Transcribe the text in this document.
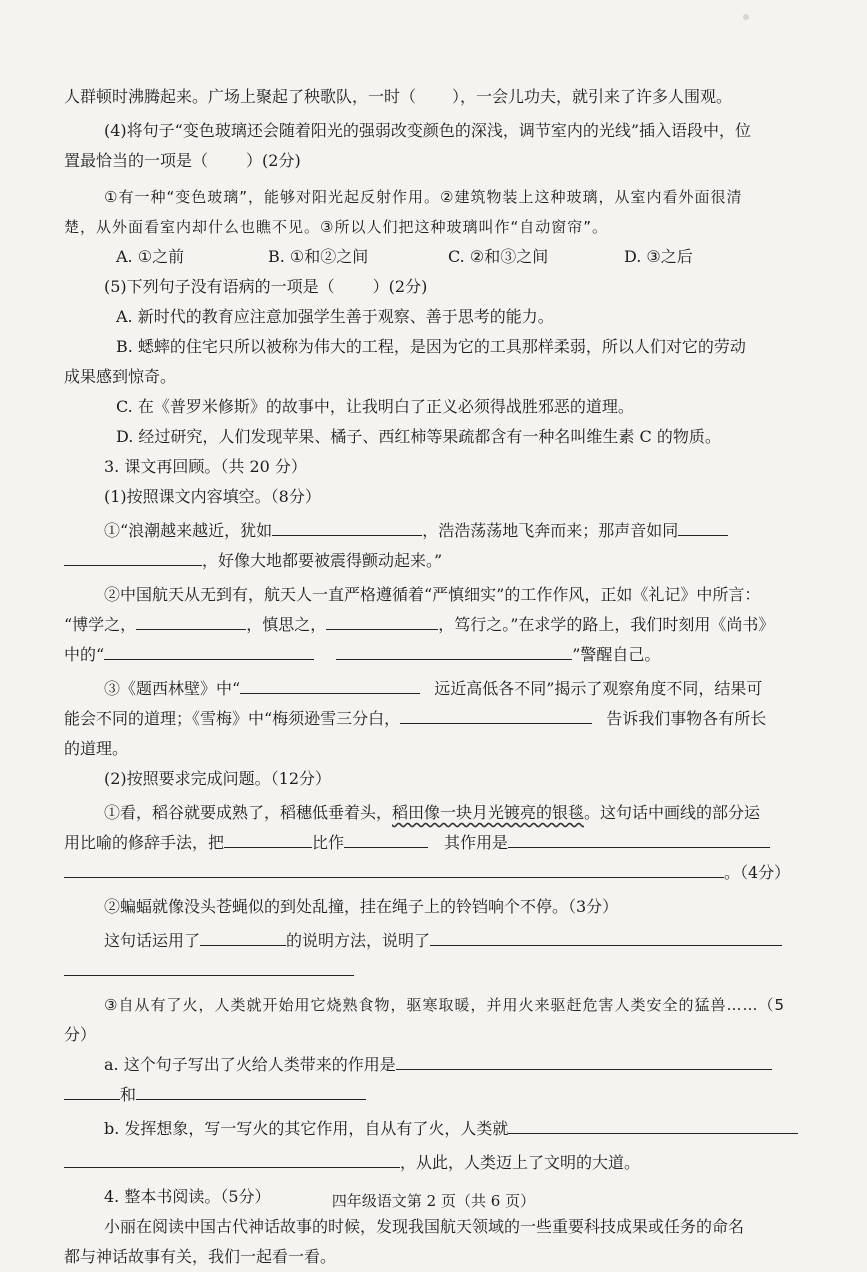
人群顿时沸腾起来。广场上聚起了秧歌队，一时（ ），一会儿功夫，就引来了许多人围观。
(4)将句子“变色玻璃还会随着阳光的强弱改变颜色的深浅，调节室内的光线”插入语段中，位
置最恰当的一项是（ ）(2分)
①有一种“变色玻璃”，能够对阳光起反射作用。②建筑物装上这种玻璃，从室内看外面很清
楚，从外面看室内却什么也瞧不见。③所以人们把这种玻璃叫作“自动窗帘”。
A. ①之前	B. ①和②之间	C. ②和③之间	D. ③之后
(5)下列句子没有语病的一项是（ ）(2分)
A. 新时代的教育应注意加强学生善于观察、善于思考的能力。
B. 蟋蟀的住宅只所以被称为伟大的工程，是因为它的工具那样柔弱，所以人们对它的劳动
成果感到惊奇。
C. 在《普罗米修斯》的故事中，让我明白了正义必须得战胜邪恶的道理。
D. 经过研究，人们发现苹果、橘子、西红柿等果疏都含有一种名叫维生素 C 的物质。
3. 课文再回顾。（共 20 分）
(1)按照课文内容填空。（8分）
①“浪潮越来越近，犹如	，浩浩荡荡地飞奔而来；那声音如同
，好像大地都要被震得颤动起来。”
②中国航天从无到有，航天人一直严格遵循着“严慎细实”的工作作风，正如《礼记》中所言：
“博学之，	，慎思之，	，笃行之。”在求学的路上，我们时刻用《尚书》
中的“	”警醒自己。
③《题西林壁》中“	远近高低各不同”揭示了观察角度不同，结果可
能会不同的道理；《雪梅》中“梅须逊雪三分白，	告诉我们事物各有所长
的道理。
(2)按照要求完成问题。（12分）
①看，稻谷就要成熟了，稻穗低垂着头，稻田像一块月光镀亮的银毯。这句话中画线的部分运
用比喻的修辞手法，把	比作	其作用是
。（4分）
②蝙蝠就像没头苍蝇似的到处乱撞，挂在绳子上的铃铛响个不停。（3分）
这句话运用了	的说明方法，说明了
③自从有了火，人类就开始用它烧熟食物，驱寒取暖，并用火来驱赶危害人类安全的猛兽……（5
分）
a. 这个句子写出了火给人类带来的作用是
和
b. 发挥想象，写一写火的其它作用，自从有了火，人类就
，从此，人类迈上了文明的大道。
4. 整本书阅读。（5分）
小丽在阅读中国古代神话故事的时候，发现我国航天领域的一些重要科技成果或任务的命名
都与神话故事有关，我们一起看一看。
四年级语文第 2 页（共 6 页）
